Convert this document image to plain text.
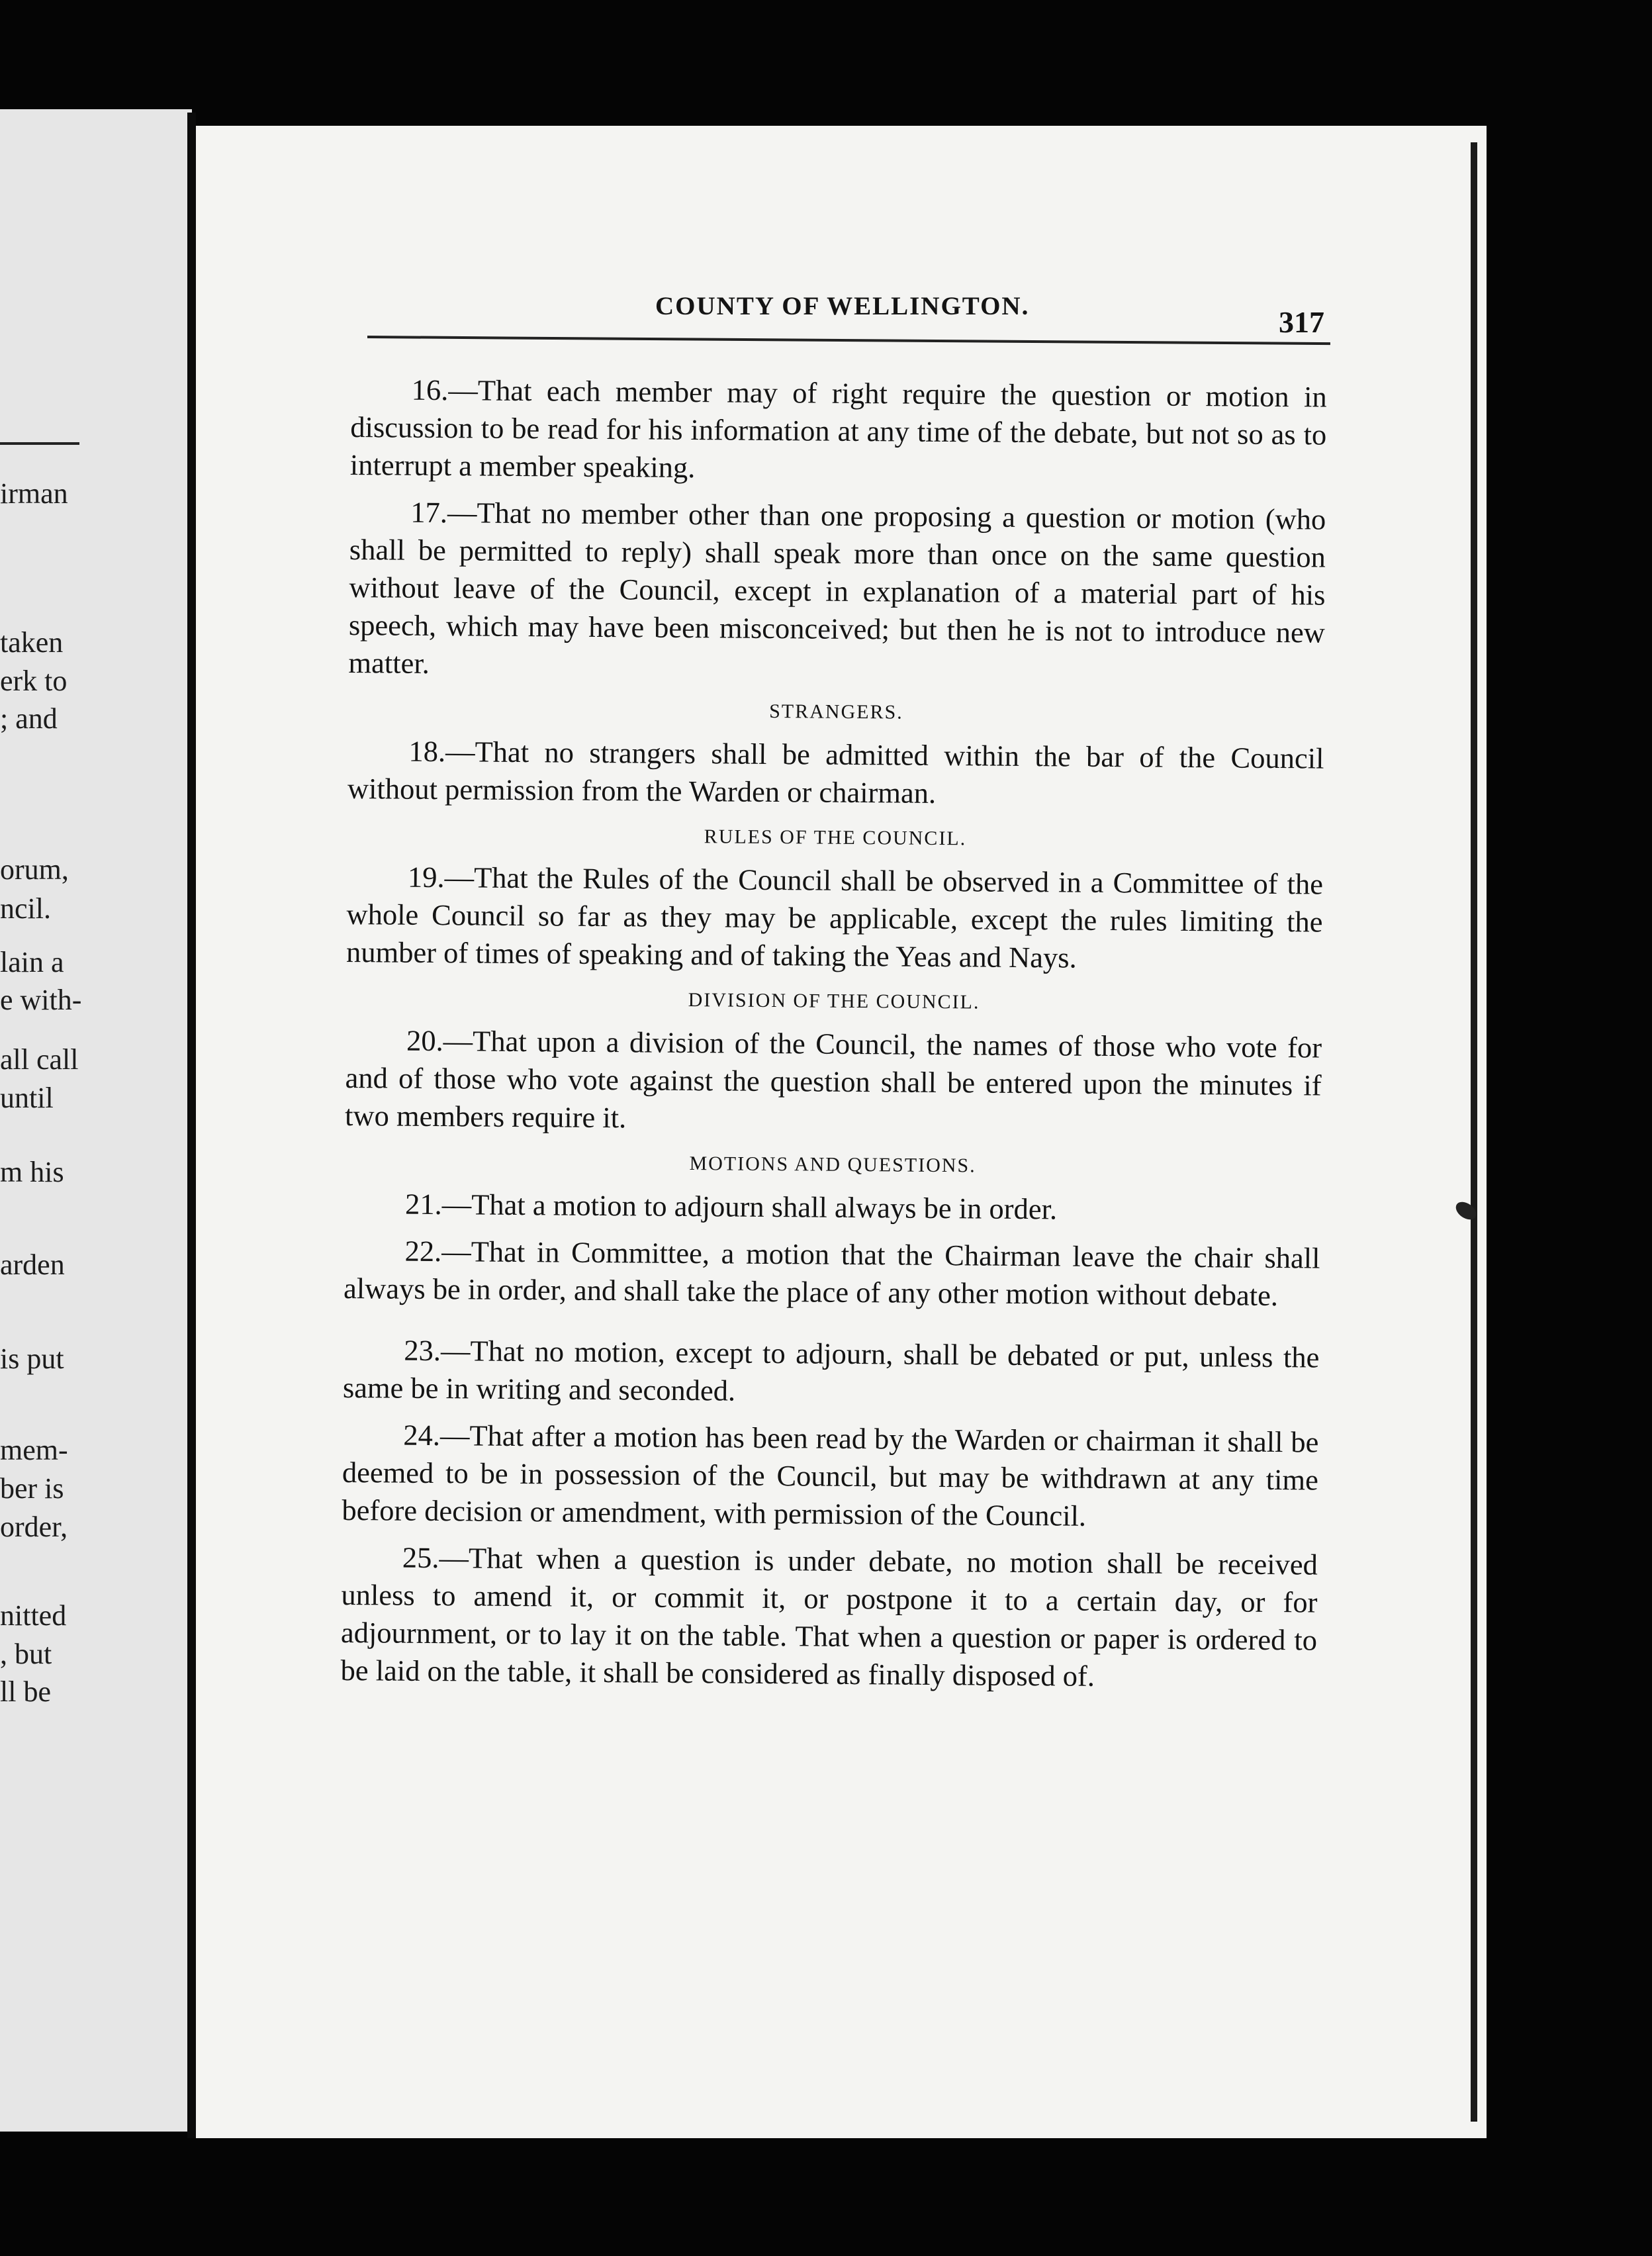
irman
taken
erk to
; and
orum,
ncil.
lain a
e with-
all call
until
m his
arden
is put
mem-
ber is
order,
nitted
, but
ll be
COUNTY OF WELLINGTON.	317

16.—That each member may of right require the question or motion in discussion to be read for his information at any time of the debate, but not so as to interrupt a member speaking.

17.—That no member other than one proposing a question or motion (who shall be permitted to reply) shall speak more than once on the same question without leave of the Council, except in explanation of a material part of his speech, which may have been misconceived; but then he is not to introduce new matter.

STRANGERS.

18.—That no strangers shall be admitted within the bar of the Council without permission from the Warden or chairman.

RULES OF THE COUNCIL.

19.—That the Rules of the Council shall be observed in a Committee of the whole Council so far as they may be applicable, except the rules limiting the number of times of speaking and of taking the Yeas and Nays.

DIVISION OF THE COUNCIL.

20.—That upon a division of the Council, the names of those who vote for and of those who vote against the question shall be entered upon the minutes if two members require it.

MOTIONS AND QUESTIONS.

21.—That a motion to adjourn shall always be in order.

22.—That in Committee, a motion that the Chairman leave the chair shall always be in order, and shall take the place of any other motion without debate.

23.—That no motion, except to adjourn, shall be debated or put, unless the same be in writing and seconded.

24.—That after a motion has been read by the Warden or chairman it shall be deemed to be in possession of the Council, but may be withdrawn at any time before decision or amendment, with permission of the Council.

25.—That when a question is under debate, no motion shall be received unless to amend it, or commit it, or postpone it to a certain day, or for adjournment, or to lay it on the table. That when a question or paper is ordered to be laid on the table, it shall be considered as finally disposed of.
